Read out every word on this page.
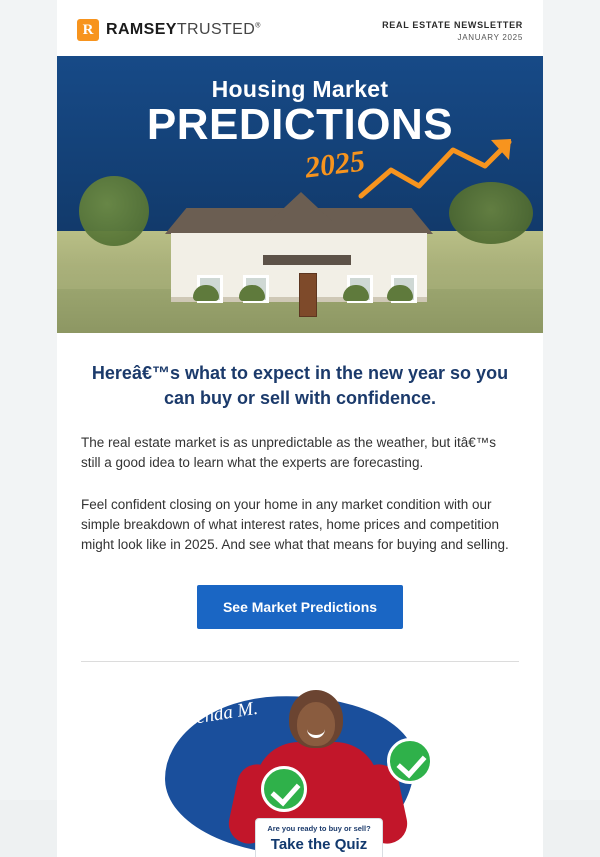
R RAMSEYTRUSTED®	REAL ESTATE NEWSLETTER
JANUARY 2025
Housing Market
PREDICTIONS
2025
Hereâ€™s what to expect in the new year so you can buy or sell with confidence.

The real estate market is as unpredictable as the weather, but itâ€™s still a good idea to learn what the experts are forecasting.

Feel confident closing on your home in any market condition with our simple breakdown of what interest rates, home prices and competition might look like in 2025. And see what that means for buying and selling.

See Market Predictions
Glenda M.
Are you ready to buy or sell?
Take the Quiz
